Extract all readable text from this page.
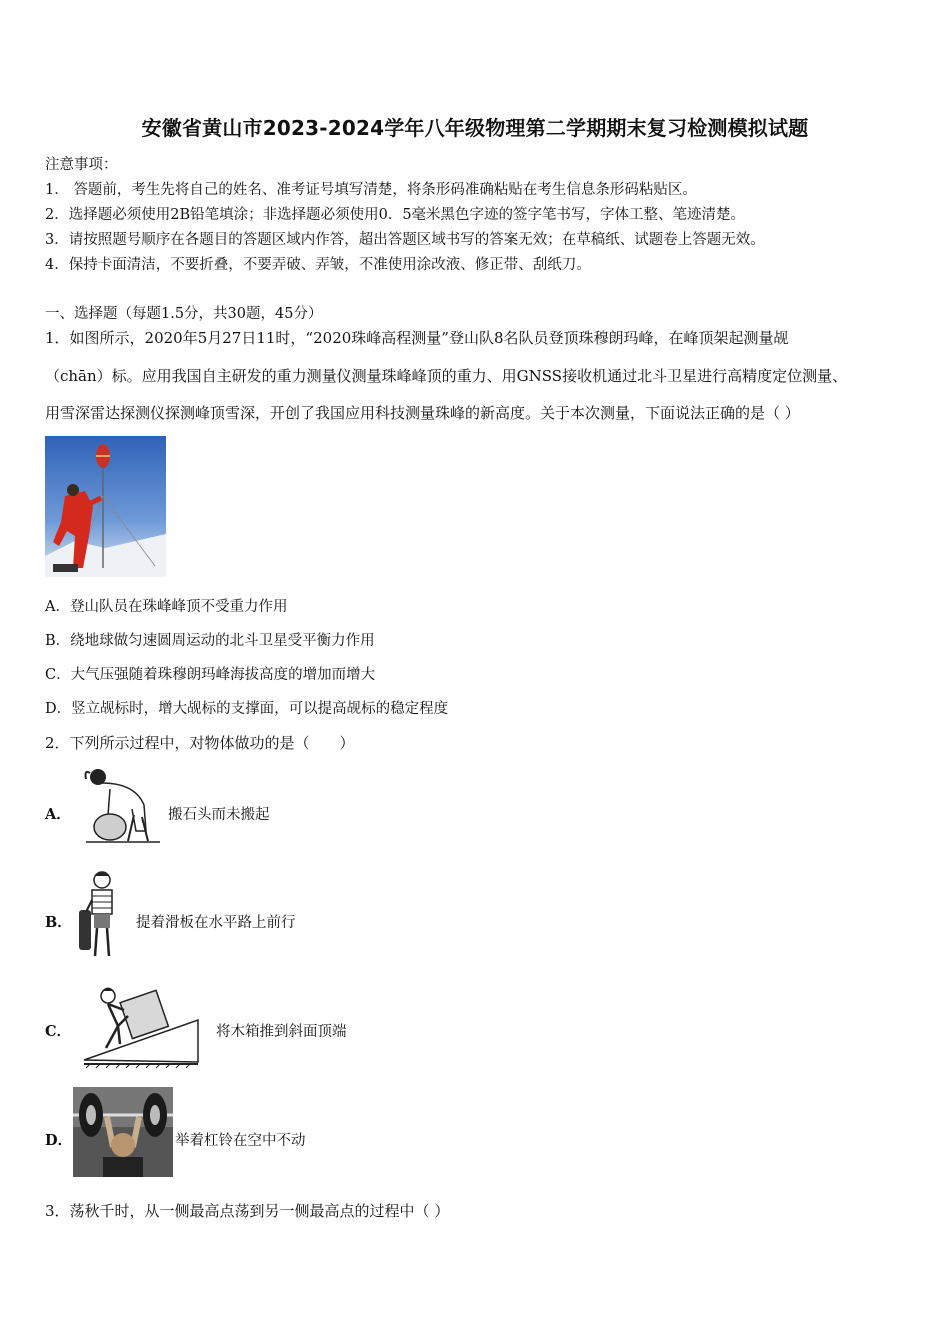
安徽省黄山市2023-2024学年八年级物理第二学期期末复习检测模拟试题
注意事项：
1． 答题前，考生先将自己的姓名、准考证号填写清楚，将条形码准确粘贴在考生信息条形码粘贴区。
2．选择题必须使用2B铅笔填涂；非选择题必须使用0．5毫米黑色字迹的签字笔书写，字体工整、笔迹清楚。
3．请按照题号顺序在各题目的答题区域内作答，超出答题区域书写的答案无效；在草稿纸、试题卷上答题无效。
4．保持卡面清洁，不要折叠，不要弄破、弄皱，不准使用涂改液、修正带、刮纸刀。
一、选择题（每题1.5分，共30题，45分）
1．如图所示，2020年5月27日11时，“2020珠峰高程测量”登山队8名队员登顶珠穆朗玛峰，在峰顶架起测量觇
（chān）标。应用我国自主研发的重力测量仪测量珠峰峰顶的重力、用GNSS接收机通过北斗卫星进行高精度定位测量、
用雪深雷达探测仪探测峰顶雪深，开创了我国应用科技测量珠峰的新高度。关于本次测量，下面说法正确的是（ ）
A．登山队员在珠峰峰顶不受重力作用
B．绕地球做匀速圆周运动的北斗卫星受平衡力作用
C．大气压强随着珠穆朗玛峰海拔高度的增加而增大
D．竖立觇标时，增大觇标的支撑面，可以提高觇标的稳定程度
2．下列所示过程中，对物体做功的是（　　）
A．	搬石头而未搬起
B．	提着滑板在水平路上前行
C．	将木箱推到斜面顶端
D．	举着杠铃在空中不动
3．荡秋千时，从一侧最高点荡到另一侧最高点的过程中（ ）
